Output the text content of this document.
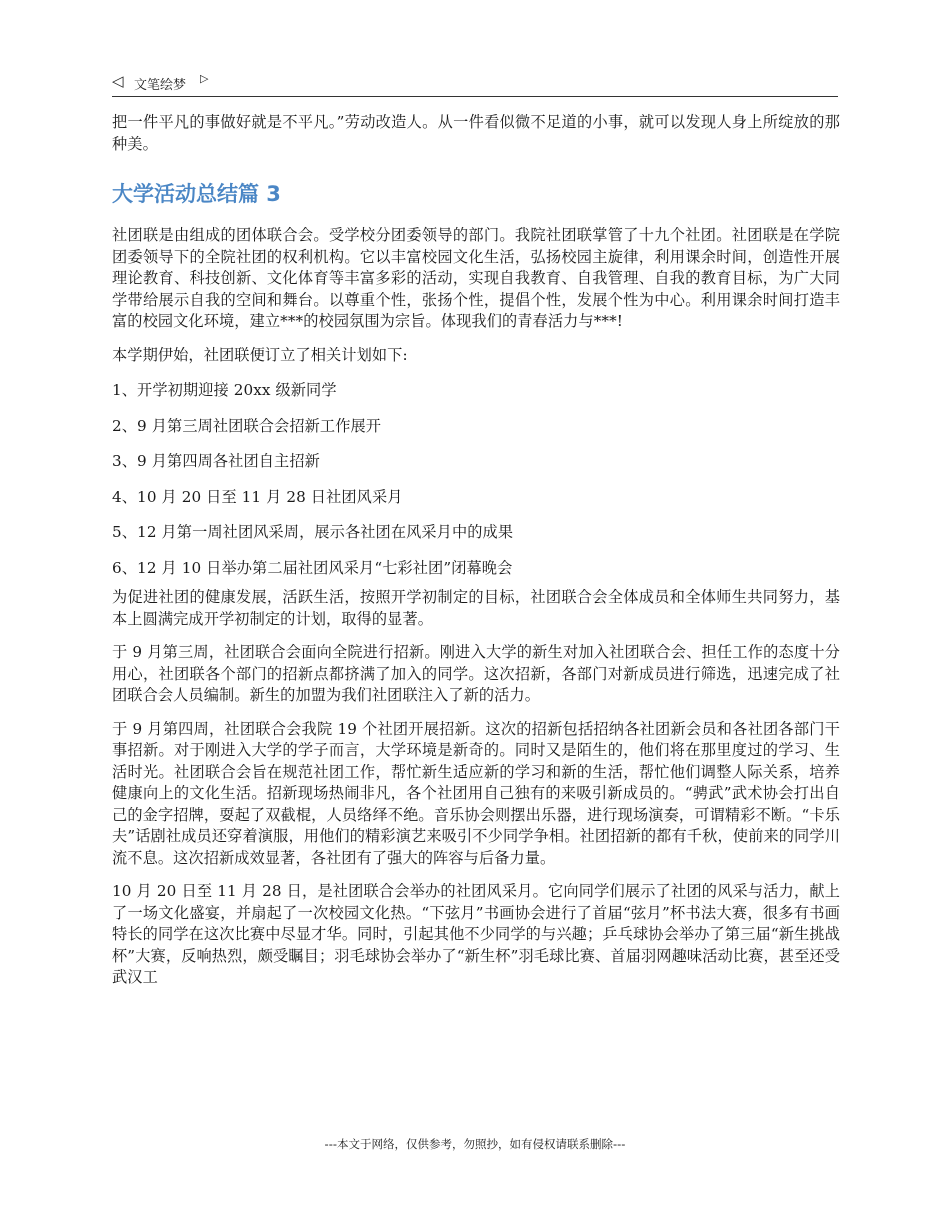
◁ 文笔绘梦 ▷

把一件平凡的事做好就是不平凡。”劳动改造人。从一件看似微不足道的小事，就可以发现人身上所绽放的那种美。

大学活动总结篇 3

社团联是由组成的团体联合会。受学校分团委领导的部门。我院社团联掌管了十九个社团。社团联是在学院团委领导下的全院社团的权利机构。它以丰富校园文化生活，弘扬校园主旋律，利用课余时间，创造性开展理论教育、科技创新、文化体育等丰富多彩的活动，实现自我教育、自我管理、自我的教育目标，为广大同学带给展示自我的空间和舞台。以尊重个性，张扬个性，提倡个性，发展个性为中心。利用课余时间打造丰富的校园文化环境，建立***的校园氛围为宗旨。体现我们的青春活力与***!

本学期伊始，社团联便订立了相关计划如下:

1、开学初期迎接 20xx 级新同学

2、9 月第三周社团联合会招新工作展开

3、9 月第四周各社团自主招新

4、10 月 20 日至 11 月 28 日社团风采月

5、12 月第一周社团风采周，展示各社团在风采月中的成果

6、12 月 10 日举办第二届社团风采月“七彩社团”闭幕晚会

为促进社团的健康发展，活跃生活，按照开学初制定的目标，社团联合会全体成员和全体师生共同努力，基本上圆满完成开学初制定的计划，取得的显著。

于 9 月第三周，社团联合会面向全院进行招新。刚进入大学的新生对加入社团联合会、担任工作的态度十分用心，社团联各个部门的招新点都挤满了加入的同学。这次招新，各部门对新成员进行筛选，迅速完成了社团联合会人员编制。新生的加盟为我们社团联注入了新的活力。

于 9 月第四周，社团联合会我院 19 个社团开展招新。这次的招新包括招纳各社团新会员和各社团各部门干事招新。对于刚进入大学的学子而言，大学环境是新奇的。同时又是陌生的，他们将在那里度过的学习、生活时光。社团联合会旨在规范社团工作，帮忙新生适应新的学习和新的生活，帮忙他们调整人际关系，培养健康向上的文化生活。招新现场热闹非凡，各个社团用自己独有的来吸引新成员的。“骋武”武术协会打出自己的金字招牌，耍起了双截棍，人员络绎不绝。音乐协会则摆出乐器，进行现场演奏，可谓精彩不断。“卡乐夫”话剧社成员还穿着演服，用他们的精彩演艺来吸引不少同学争相。社团招新的都有千秋，使前来的同学川流不息。这次招新成效显著，各社团有了强大的阵容与后备力量。

10 月 20 日至 11 月 28 日，是社团联合会举办的社团风采月。它向同学们展示了社团的风采与活力，献上了一场文化盛宴，并扇起了一次校园文化热。“下弦月”书画协会进行了首届“弦月”杯书法大赛，很多有书画特长的同学在这次比赛中尽显才华。同时，引起其他不少同学的与兴趣；乒乓球协会举办了第三届“新生挑战杯”大赛，反响热烈，颇受瞩目；羽毛球协会举办了“新生杯”羽毛球比赛、首届羽网趣味活动比赛，甚至还受武汉工

---本文于网络，仅供参考，勿照抄，如有侵权请联系删除---
